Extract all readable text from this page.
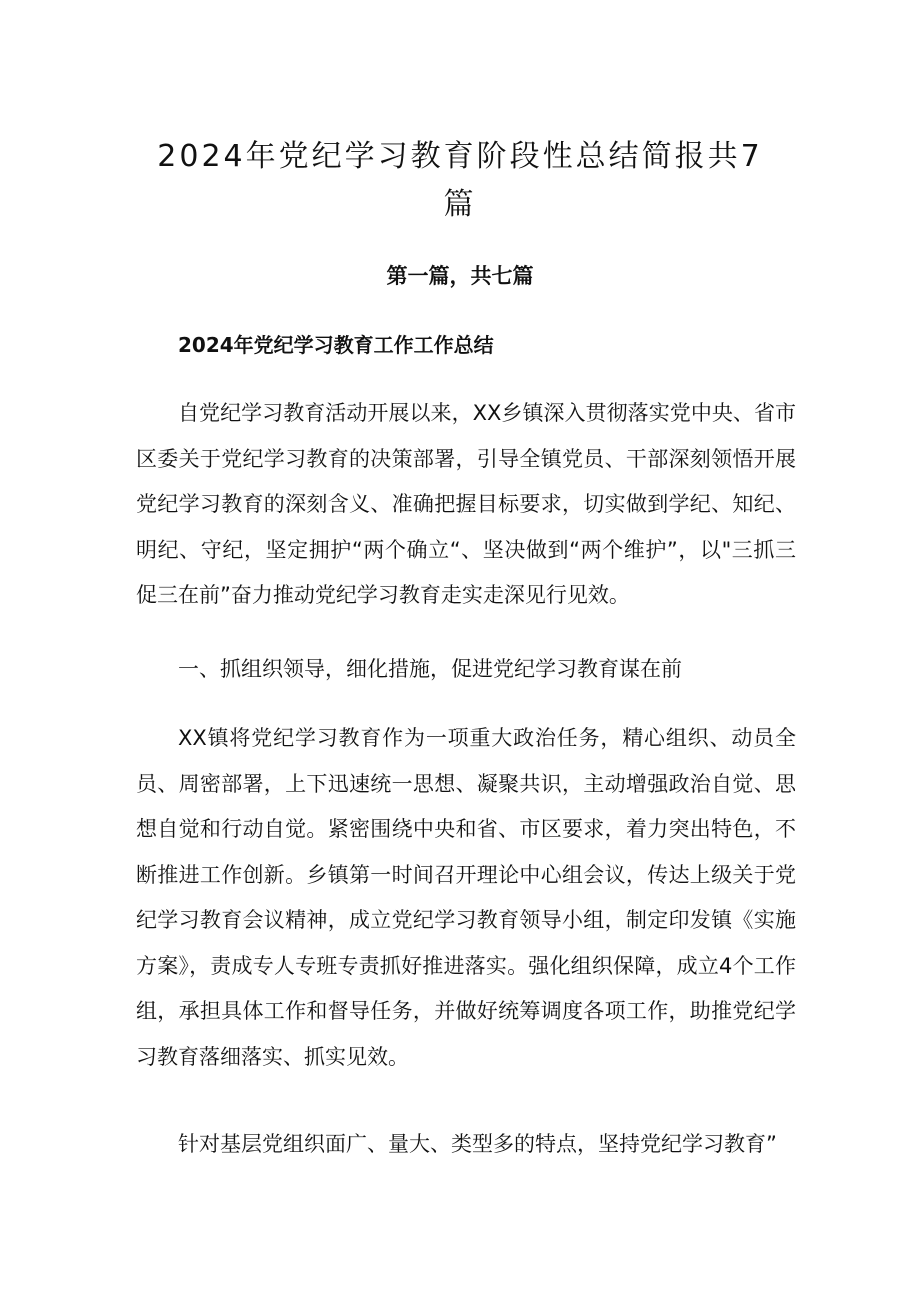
2024年党纪学习教育阶段性总结简报共7篇
第一篇，共七篇
2024年党纪学习教育工作工作总结

自党纪学习教育活动开展以来，XX乡镇深入贯彻落实党中央、省市区委关于党纪学习教育的决策部署，引导全镇党员、干部深刻领悟开展党纪学习教育的深刻含义、准确把握目标要求，切实做到学纪、知纪、明纪、守纪，坚定拥护“两个确立“、坚决做到“两个维护”，以"三抓三促三在前”奋力推动党纪学习教育走实走深见行见效。

一、抓组织领导，细化措施，促进党纪学习教育谋在前

XX镇将党纪学习教育作为一项重大政治任务，精心组织、动员全员、周密部署，上下迅速统一思想、凝聚共识，主动增强政治自觉、思想自觉和行动自觉。紧密围绕中央和省、市区要求，着力突出特色，不断推进工作创新。乡镇第一时间召开理论中心组会议，传达上级关于党纪学习教育会议精神，成立党纪学习教育领导小组，制定印发镇《实施方案》，责成专人专班专责抓好推进落实。强化组织保障，成立4个工作组，承担具体工作和督导任务，并做好统筹调度各项工作，助推党纪学习教育落细落实、抓实见效。

针对基层党组织面广、量大、类型多的特点，坚持党纪学习教育”
